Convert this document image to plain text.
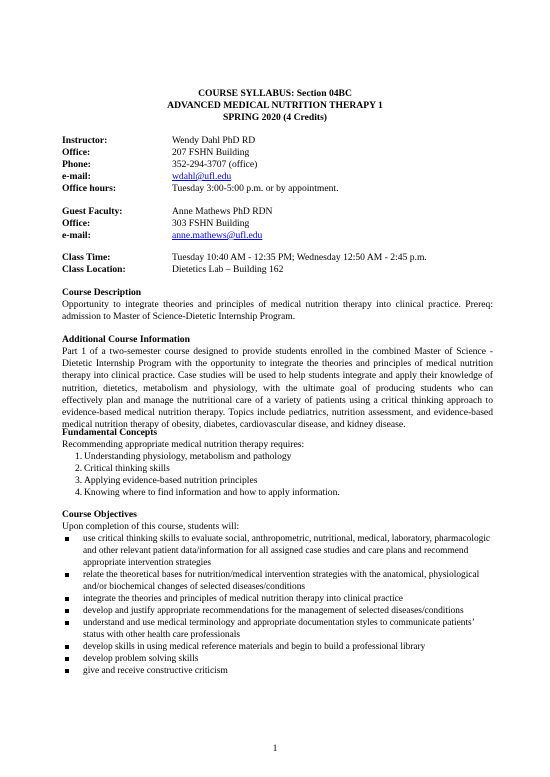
COURSE SYLLABUS: Section 04BC
ADVANCED MEDICAL NUTRITION THERAPY 1
SPRING 2020 (4 Credits)
Instructor:	Wendy Dahl PhD RD
Office:	207 FSHN Building
Phone:	352-294-3707 (office)
e-mail:	wdahl@ufl.edu
Office hours:	Tuesday 3:00-5:00 p.m. or by appointment.
Guest Faculty:	Anne Mathews PhD RDN
Office:	303 FSHN Building
e-mail:	anne.mathews@ufl.edu
Class Time:	Tuesday 10:40 AM - 12:35 PM; Wednesday 12:50 AM - 2:45 p.m.
Class Location:	Dietetics Lab – Building 162
Course Description

Opportunity to integrate theories and principles of medical nutrition therapy into clinical practice. Prereq: admission to Master of Science-Dietetic Internship Program.

Additional Course Information

Part 1 of a two-semester course designed to provide students enrolled in the combined Master of Science - Dietetic Internship Program with the opportunity to integrate the theories and principles of medical nutrition therapy into clinical practice. Case studies will be used to help students integrate and apply their knowledge of nutrition, dietetics, metabolism and physiology, with the ultimate goal of producing students who can effectively plan and manage the nutritional care of a variety of patients using a critical thinking approach to evidence-based medical nutrition therapy. Topics include pediatrics, nutrition assessment, and evidence-based medical nutrition therapy of obesity, diabetes, cardiovascular disease, and kidney disease.

Fundamental Concepts
Recommending appropriate medical nutrition therapy requires:
1. Understanding physiology, metabolism and pathology
2. Critical thinking skills
3. Applying evidence-based nutrition principles
4. Knowing where to find information and how to apply information.
Course Objectives
Upon completion of this course, students will:
use critical thinking skills to evaluate social, anthropometric, nutritional, medical, laboratory, pharmacologic and other relevant patient data/information for all assigned case studies and care plans and recommend appropriate intervention strategies
relate the theoretical bases for nutrition/medical intervention strategies with the anatomical, physiological and/or biochemical changes of selected diseases/conditions
integrate the theories and principles of medical nutrition therapy into clinical practice
develop and justify appropriate recommendations for the management of selected diseases/conditions
understand and use medical terminology and appropriate documentation styles to communicate patients’ status with other health care professionals
develop skills in using medical reference materials and begin to build a professional library
develop problem solving skills
give and receive constructive criticism
1
